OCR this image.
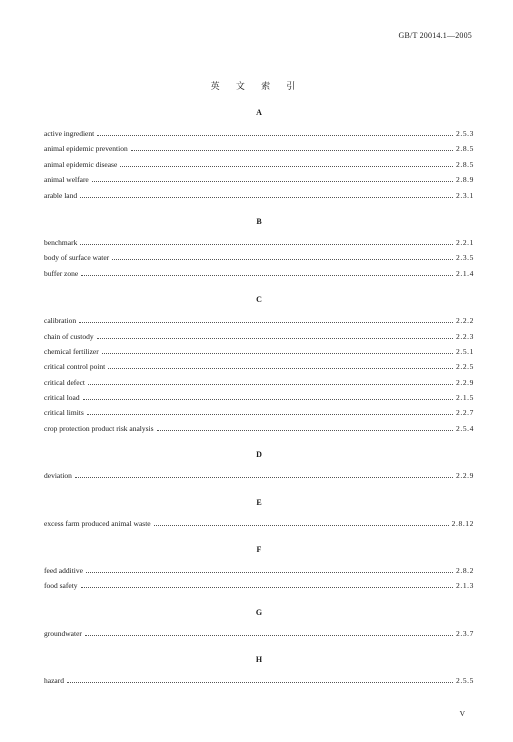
GB/T 20014.1—2005
英 文 索 引
A
active ingredient	2.5.3
animal epidemic prevention	2.8.5
animal epidemic disease	2.8.5
animal welfare	2.8.9
arable land	2.3.1
B
benchmark	2.2.1
body of surface water	2.3.5
buffer zone	2.1.4
C
calibration	2.2.2
chain of custody	2.2.3
chemical fertilizer	2.5.1
critical control point	2.2.5
critical defect	2.2.9
critical load	2.1.5
critical limits	2.2.7
crop protection product risk analysis	2.5.4
D
deviation	2.2.9
E
excess farm produced animal waste	2.8.12
F
feed additive	2.8.2
food safety	2.1.3
G
groundwater	2.3.7
H
hazard	2.5.5
V
